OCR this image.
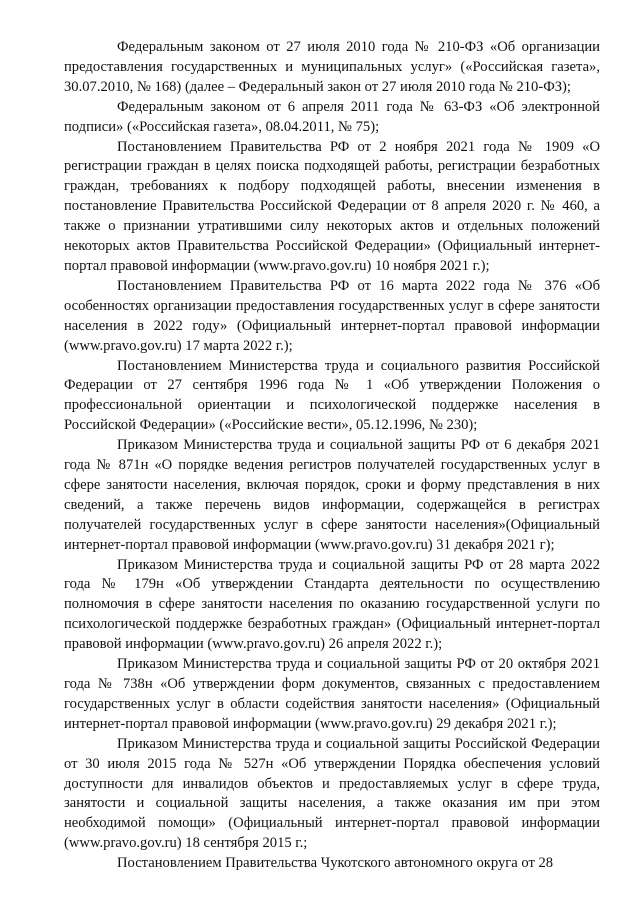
Федеральным законом от 27 июля 2010 года № 210-ФЗ «Об организации предоставления государственных и муниципальных услуг» («Российская газета», 30.07.2010, № 168) (далее – Федеральный закон от 27 июля 2010 года № 210-ФЗ);

Федеральным законом от 6 апреля 2011 года № 63-ФЗ «Об электронной подписи» («Российская газета», 08.04.2011, № 75);

Постановлением Правительства РФ от 2 ноября 2021 года № 1909 «О регистрации граждан в целях поиска подходящей работы, регистрации безработных граждан, требованиях к подбору подходящей работы, внесении изменения в постановление Правительства Российской Федерации от 8 апреля 2020 г. № 460, а также о признании утратившими силу некоторых актов и отдельных положений некоторых актов Правительства Российской Федерации» (Официальный интернет-портал правовой информации (www.pravo.gov.ru) 10 ноября 2021 г.);

Постановлением Правительства РФ от 16 марта 2022 года № 376 «Об особенностях организации предоставления государственных услуг в сфере занятости населения в 2022 году» (Официальный интернет-портал правовой информации (www.pravo.gov.ru) 17 марта 2022 г.);

Постановлением Министерства труда и социального развития Российской Федерации от 27 сентября 1996 года № 1 «Об утверждении Положения о профессиональной ориентации и психологической поддержке населения в Российской Федерации» («Российские вести», 05.12.1996, № 230);

Приказом Министерства труда и социальной защиты РФ от 6 декабря 2021 года № 871н «О порядке ведения регистров получателей государственных услуг в сфере занятости населения, включая порядок, сроки и форму представления в них сведений, а также перечень видов информации, содержащейся в регистрах получателей государственных услуг в сфере занятости населения»(Официальный интернет-портал правовой информации (www.pravo.gov.ru) 31 декабря 2021 г);

Приказом Министерства труда и социальной защиты РФ от 28 марта 2022 года № 179н «Об утверждении Стандарта деятельности по осуществлению полномочия в сфере занятости населения по оказанию государственной услуги по психологической поддержке безработных граждан» (Официальный интернет-портал правовой информации (www.pravo.gov.ru) 26 апреля 2022 г.);

Приказом Министерства труда и социальной защиты РФ от 20 октября 2021 года № 738н «Об утверждении форм документов, связанных с предоставлением государственных услуг в области содействия занятости населения» (Официальный интернет-портал правовой информации (www.pravo.gov.ru) 29 декабря 2021 г.);

Приказом Министерства труда и социальной защиты Российской Федерации от 30 июля 2015 года № 527н «Об утверждении Порядка обеспечения условий доступности для инвалидов объектов и предоставляемых услуг в сфере труда, занятости и социальной защиты населения, а также оказания им при этом необходимой помощи» (Официальный интернет-портал правовой информации (www.pravo.gov.ru) 18 сентября 2015 г.;

Постановлением Правительства Чукотского автономного округа от 28
